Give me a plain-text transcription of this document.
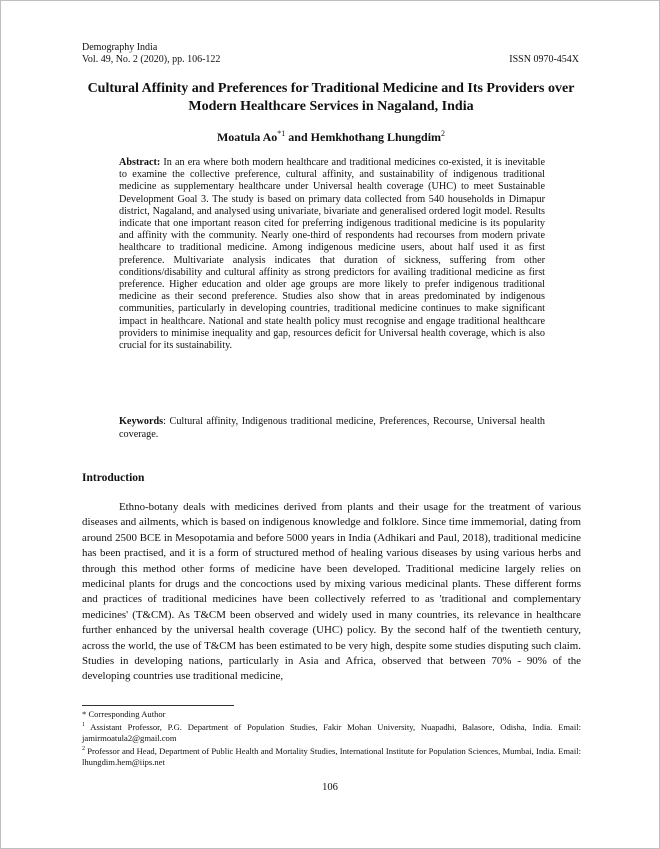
Demography India
Vol. 49, No. 2 (2020), pp. 106-122	ISSN 0970-454X
Cultural Affinity and Preferences for Traditional Medicine and Its Providers over Modern Healthcare Services in Nagaland, India
Moatula Ao$^{*1}$ and Hemkhothang Lhungdim$^2$
Abstract: In an era where both modern healthcare and traditional medicines co-existed, it is inevitable to examine the collective preference, cultural affinity, and sustainability of indigenous traditional medicine as supplementary healthcare under Universal health coverage (UHC) to meet Sustainable Development Goal 3. The study is based on primary data collected from 540 households in Dimapur district, Nagaland, and analysed using univariate, bivariate and generalised ordered logit model. Results indicate that one important reason cited for preferring indigenous traditional medicine is its popularity and affinity with the community. Nearly one-third of respondents had recourses from modern private healthcare to traditional medicine. Among indigenous medicine users, about half used it as first preference. Multivariate analysis indicates that duration of sickness, suffering from other conditions/disability and cultural affinity as strong predictors for availing traditional medicine as first preference. Higher education and older age groups are more likely to prefer indigenous traditional medicine as their second preference. Studies also show that in areas predominated by indigenous communities, particularly in developing countries, traditional medicine continues to make significant impact in healthcare. National and state health policy must recognise and engage traditional healthcare providers to minimise inequality and gap, resources deficit for Universal health coverage, which is also crucial for its sustainability.
Keywords: Cultural affinity, Indigenous traditional medicine, Preferences, Recourse, Universal health coverage.
Introduction

Ethno-botany deals with medicines derived from plants and their usage for the treatment of various diseases and ailments, which is based on indigenous knowledge and folklore. Since time immemorial, dating from around 2500 BCE in Mesopotamia and before 5000 years in India (Adhikari and Paul, 2018), traditional medicine has been practised, and it is a form of structured method of healing various diseases by using various herbs and through this method other forms of medicine have been developed. Traditional medicine largely relies on medicinal plants for drugs and the concoctions used by mixing various medicinal plants. These different forms and practices of traditional medicines have been collectively referred to as 'traditional and complementary medicines' (T&CM). As T&CM been observed and widely used in many countries, its relevance in healthcare further enhanced by the universal health coverage (UHC) policy. By the second half of the twentieth century, across the world, the use of T&CM has been estimated to be very high, despite some studies disputing such claim. Studies in developing nations, particularly in Asia and Africa, observed that between 70% - 90% of the developing countries use traditional medicine,

* Corresponding Author

$^1$ Assistant Professor, P.G. Department of Population Studies, Fakir Mohan University, Nuapadhi, Balasore, Odisha, India. Email: jamirmoatula2@gmail.com

$^2$ Professor and Head, Department of Public Health and Mortality Studies, International Institute for Population Sciences, Mumbai, India. Email: lhungdim.hem@iips.net

106
